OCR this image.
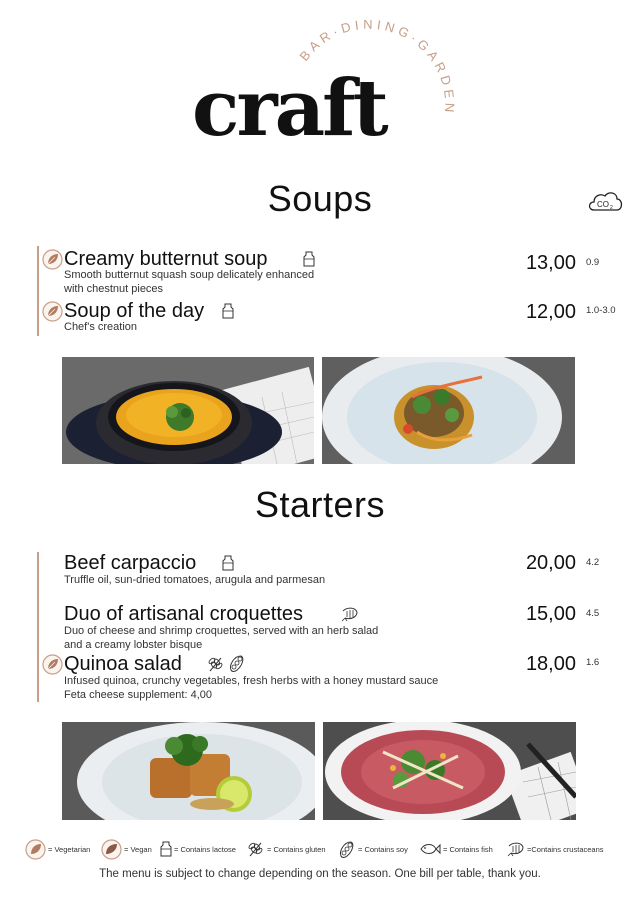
BAR·DINING·GARDEN
craft
Soups	CO 2
Creamy butternut soup	13,00 0.9
Smooth butternut squash soup delicately enhanced
with chestnut pieces
Soup of the day	12,00 1.0-3.0
Chef's creation
Starters
Beef carpaccio	20,00 4.2
Truffle oil, sun-dried tomatoes, arugula and parmesan
Duo of artisanal croquettes	15,00 4.5
Duo of cheese and shrimp croquettes, served with an herb salad
and a creamy lobster bisque
Quinoa salad	18,00 1.6
Infused quinoa, crunchy vegetables, fresh herbs with a honey mustard sauce
Feta cheese supplement: 4,00
= Vegetarian	= Vegan	= Contains lactose	= Contains gluten	= Contains soy	= Contains fish	=Contains crustaceans
The menu is subject to change depending on the season. One bill per table, thank you.
